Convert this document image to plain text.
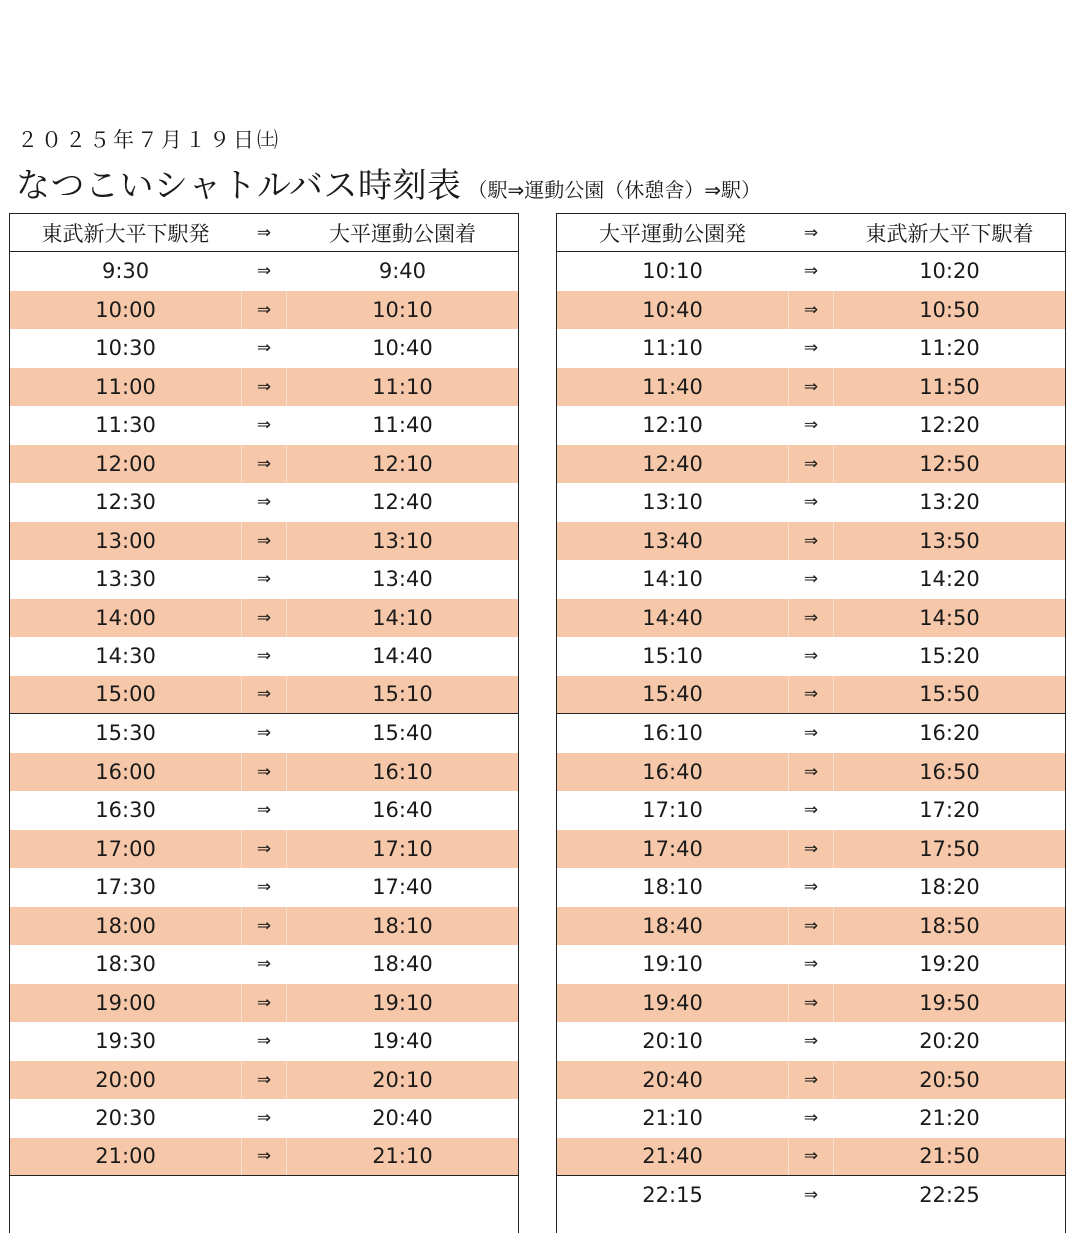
２０２５年７月１９日㈯
なつこいシャトルバス時刻表 （駅⇒運動公園（休憩舎）⇒駅）
東武新大平下駅発	⇒	大平運動公園着
9:30	⇒	9:40
10:00	⇒	10:10
10:30	⇒	10:40
11:00	⇒	11:10
11:30	⇒	11:40
12:00	⇒	12:10
12:30	⇒	12:40
13:00	⇒	13:10
13:30	⇒	13:40
14:00	⇒	14:10
14:30	⇒	14:40
15:00	⇒	15:10
15:30	⇒	15:40
16:00	⇒	16:10
16:30	⇒	16:40
17:00	⇒	17:10
17:30	⇒	17:40
18:00	⇒	18:10
18:30	⇒	18:40
19:00	⇒	19:10
19:30	⇒	19:40
20:00	⇒	20:10
20:30	⇒	20:40
21:00	⇒	21:10
大平運動公園発	⇒	東武新大平下駅着
10:10	⇒	10:20
10:40	⇒	10:50
11:10	⇒	11:20
11:40	⇒	11:50
12:10	⇒	12:20
12:40	⇒	12:50
13:10	⇒	13:20
13:40	⇒	13:50
14:10	⇒	14:20
14:40	⇒	14:50
15:10	⇒	15:20
15:40	⇒	15:50
16:10	⇒	16:20
16:40	⇒	16:50
17:10	⇒	17:20
17:40	⇒	17:50
18:10	⇒	18:20
18:40	⇒	18:50
19:10	⇒	19:20
19:40	⇒	19:50
20:10	⇒	20:20
20:40	⇒	20:50
21:10	⇒	21:20
21:40	⇒	21:50
22:15	⇒	22:25
